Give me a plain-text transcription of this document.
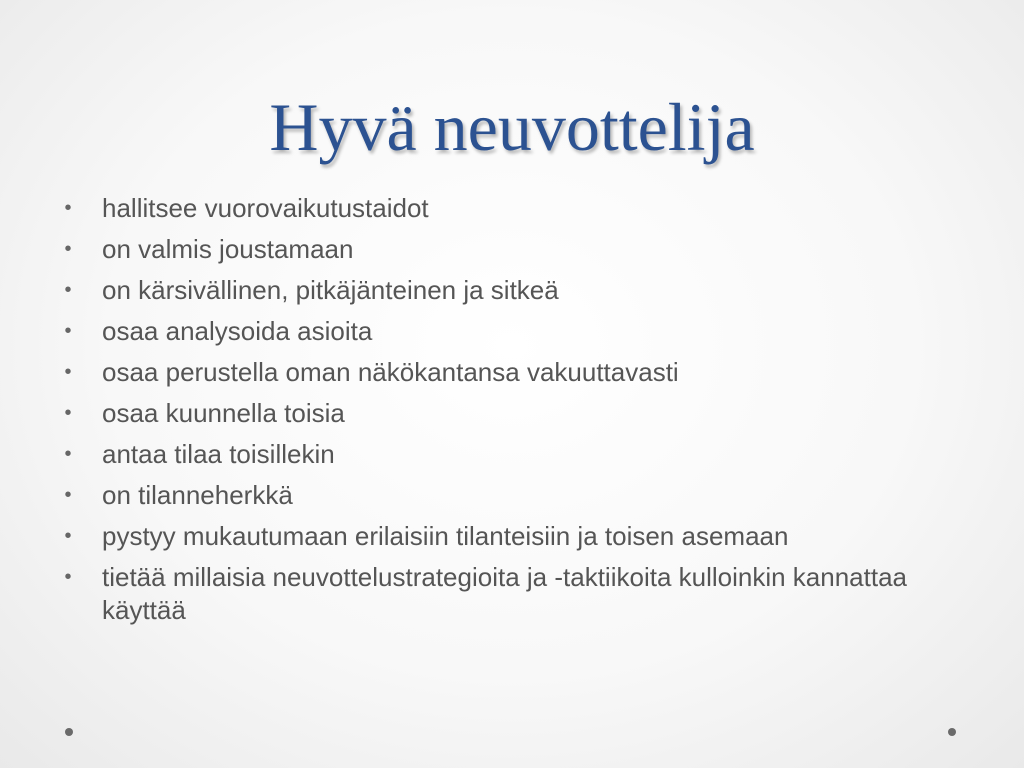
Hyvä neuvottelija
• hallitsee vuorovaikutustaidot
• on valmis joustamaan
• on kärsivällinen, pitkäjänteinen ja sitkeä
• osaa analysoida asioita
• osaa perustella oman näkökantansa vakuuttavasti
• osaa kuunnella toisia
• antaa tilaa toisillekin
• on tilanneherkkä
• pystyy mukautumaan erilaisiin tilanteisiin ja toisen asemaan
• tietää millaisia neuvottelustrategioita ja -taktiikoita kulloinkin kannattaa käyttää
